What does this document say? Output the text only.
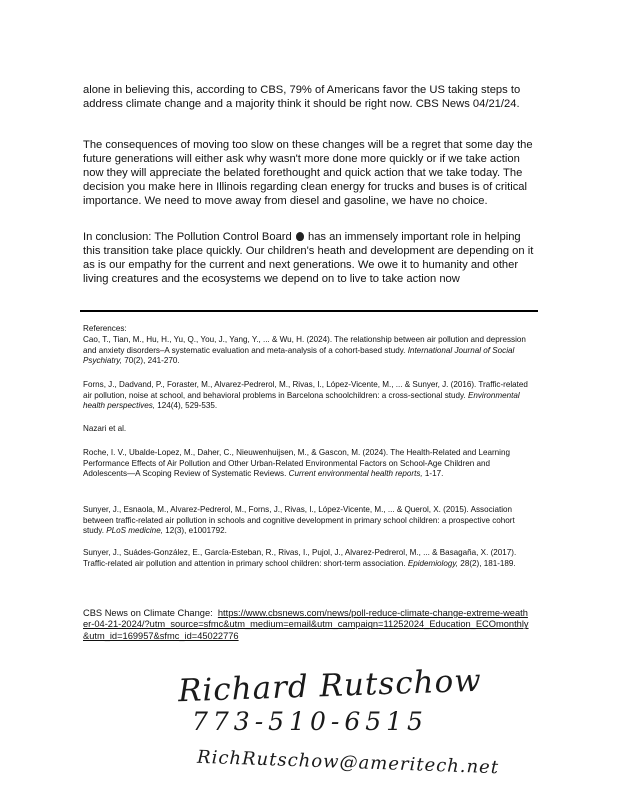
alone in believing this, according to CBS, 79% of Americans favor the US taking steps to address climate change and a majority think it should be right now. CBS News 04/21/24.
The consequences of moving too slow on these changes will be a regret that some day the future generations will either ask why wasn't more done more quickly or if we take action now they will appreciate the belated forethought and quick action that we take today. The decision you make here in Illinois regarding clean energy for trucks and buses is of critical importance. We need to move away from diesel and gasoline, we have no choice.
In conclusion: The Pollution Control Board has an immensely important role in helping this transition take place quickly. Our children's heath and development are depending on it as is our empathy for the current and next generations. We owe it to humanity and other living creatures and the ecosystems we depend on to live to take action now
References:
Cao, T., Tian, M., Hu, H., Yu, Q., You, J., Yang, Y., ... & Wu, H. (2024). The relationship between air pollution and depression and anxiety disorders–A systematic evaluation and meta-analysis of a cohort-based study. International Journal of Social Psychiatry, 70(2), 241-270.
Forns, J., Dadvand, P., Foraster, M., Alvarez-Pedrerol, M., Rivas, I., López-Vicente, M., ... & Sunyer, J. (2016). Traffic-related air pollution, noise at school, and behavioral problems in Barcelona schoolchildren: a cross-sectional study. Environmental health perspectives, 124(4), 529-535.
Nazari et al.
Roche, I. V., Ubalde-Lopez, M., Daher, C., Nieuwenhuijsen, M., & Gascon, M. (2024). The Health-Related and Learning Performance Effects of Air Pollution and Other Urban-Related Environmental Factors on School-Age Children and Adolescents—A Scoping Review of Systematic Reviews. Current environmental health reports, 1-17.
Sunyer, J., Esnaola, M., Alvarez-Pedrerol, M., Forns, J., Rivas, I., López-Vicente, M., ... & Querol, X. (2015). Association between traffic-related air pollution in schools and cognitive development in primary school children: a prospective cohort study. PLoS medicine, 12(3), e1001792.
Sunyer, J., Suádes-González, E., García-Esteban, R., Rivas, I., Pujol, J., Alvarez-Pedrerol, M., ... & Basagaña, X. (2017). Traffic-related air pollution and attention in primary school children: short-term association. Epidemiology, 28(2), 181-189.
CBS News on Climate Change: https://www.cbsnews.com/news/poll-reduce-climate-change-extreme-weather-04-21-2024/?utm_source=sfmc&utm_medium=email&utm_campaign=11252024_Education_ECOmonthly&utm_id=169957&sfmc_id=45022776
Richard Rutschow
773-510-6515
RichRutschow@ameritech.net
